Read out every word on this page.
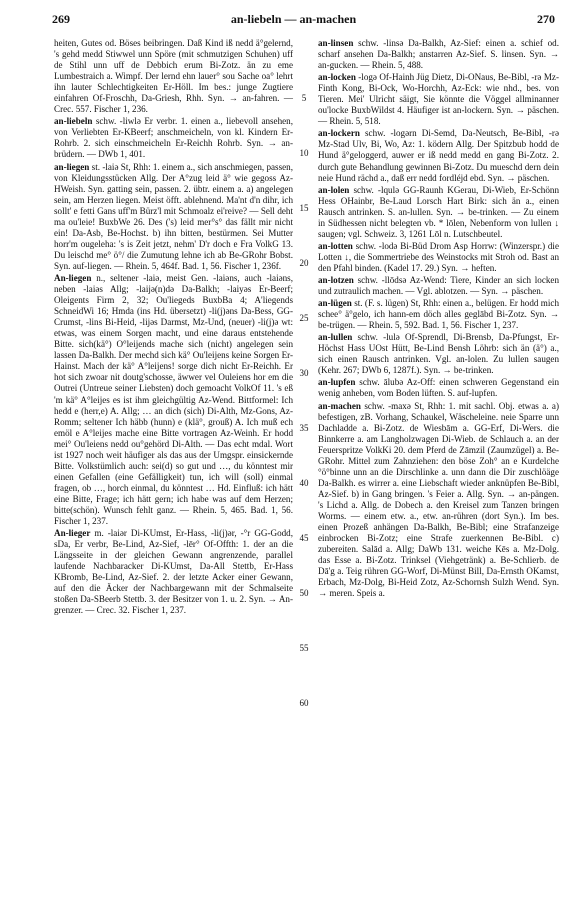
269	an-liebeln — an-machen	270
5
10
15
20
25
30
35
40
45
50
55
60

heiten, Gutes od. Böses beibringen. Daß Kind iß nedd ä°gelernd, 's gehd medd Stiwwel unn Spöre (mit schmutzigen Schuhen) uff de Stihl unn uff de Debbich erum Bi-Zotz. än zu eme Lumbestraich a. Wimpf. Der lernd ehn lauer° sou Sache oa° lehrt ihn lauter Schlechtigkeiten Er-Höll. Im bes.: junge Zugtiere einfahren Of-Froschh, Da-Griesh, Rhh. Syn. → an-fahren. — Crec. 557. Fischer 1, 236.

an-liebeln schw. -liwlə Er verbr. 1. einen a., liebevoll ansehen, von Verliebten Er-KBeerf; anschmeicheln, von kl. Kindern Er-Rohrb. 2. sich einschmeicheln Er-Reichh Rohrb. Syn. → an-brüdern. — DWb 1, 401.

an-liegen st. -laiə St, Rhh: 1. einem a., sich anschmiegen, passen, von Kleidungsstücken Allg. Der A°zug leid ä° wie gegoss Az-HWeish. Syn. gatting sein, passen. 2. übtr. einem a. a) angelegen sein, am Herzen liegen. Meist öfft. ablehnend. Ma'nt d'n dihr, ich sollt' e fetti Gans uff'm Bürz'l mit Schmoalz ei'reive? — Sell deht ma ou'leie! BuxbWe 26. Des ('s) leid mer°s° das fällt mir nicht ein! Da-Asb, Be-Hochst. b) ihn bitten, bestürmen. Sei Mutter horr'm ougeleha: 's is Zeit jetzt, nehm' D'r doch e Fra VolkG 13. Du leischd me° ö°/ die Zumutung lehne ich ab Be-GRohr Bobst. Syn. auf-liegen. — Rhein. 5, 464f. Bad. 1, 56. Fischer 1, 236f.

An-liegen n., seltener -laiə, meist Gen. -laiəns, auch -laiəns, neben -laiəs Allg; -laijə(n)də Da-Balkh; -laiyəs Er-Beerf; Oleigents Firm 2, 32; Ou'liegeds BuxbBa 4; A'liegends SchneidWi 16; Hmda (ins Hd. übersetzt) -li(j)əns Da-Bess, GG-Crumst, -lins Bi-Heid, -lijəs Darmst, Mz-Und, (neuer) -li(j)ə wt: etwas, was einem Sorgen macht, und eine daraus entstehende Bitte. sich(kä°) O°leijends mache sich (nicht) angelegen sein lassen Da-Balkh. Der mechd sich kä° Ou'leijens keine Sorgen Er-Hainst. Mach der kä° A°leijens! sorge dich nicht Er-Reichh. Er hot sich zwoar nit doutg'schosse, äwwer vel Ouleiens hor em die Outrei (Untreue seiner Liebsten) doch gemoacht VolkOf 11. 's eß 'm kä° A°leijes es ist ihm gleichgültig Az-Wend. Bittformel: Ich hedd e (herr,e) A. Allg; … an dich (sich) Di-Alth, Mz-Gons, Az-Romm; seltener Ich häbb (hunn) e (klä°, grouß) A. Ich muß ech emöl e A°leijes mache eine Bitte vortragen Az-Weinh. Er hodd mei° Ou'leiens nedd ou°gehörd Di-Alth. — Das echt mdal. Wort ist 1927 noch weit häufiger als das aus der Umgspr. einsickernde Bitte. Volkstümlich auch: sei(d) so gut und …, du könntest mir einen Gefallen (eine Gefälligkeit) tun, ich will (soll) einmal fragen, ob …, horch einmal, du könntest … Hd. Einfluß: ich hätt eine Bitte, Frage; ich hätt gern; ich habe was auf dem Herzen; bitte(schön). Wunsch fehlt ganz. — Rhein. 5, 465. Bad. 1, 56. Fischer 1, 237.

An-lieger m. -laiər Di-KUmst, Er-Hass, -li(j)ər, -°r GG-Godd, sDa, Er verbr, Be-Lind, Az-Sief, -lēr° Of-Offth: 1. der an die Längsseite in der gleichen Gewann angrenzende, parallel laufende Nachbaracker Di-KUmst, Da-All Stettb, Er-Hass KBromb, Be-Lind, Az-Sief. 2. der letzte Acker einer Gewann, auf den die Äcker der Nachbargewann mit der Schmalseite stoßen Da-SBeerb Stettb. 3. der Besitzer von 1. u. 2. Syn. → An-grenzer. — Crec. 32. Fischer 1, 237.

an-linsen schw. -linsə Da-Balkh, Az-Sief: einen a. schief od. scharf ansehen Da-Balkh; anstarren Az-Sief. S. linsen. Syn. → an-gucken. — Rhein. 5, 488.

an-locken -logə Of-Hainh Jüg Dietz, Di-ONaus, Be-Bibl, -rə Mz-Finth Kong, Bi-Ock, Wo-Horchh, Az-Eck: wie nhd., bes. von Tieren. Mei' Ulricht säigt, Sie könnte die Vöggel allminanner ou'locke BuxbWildst 4. Häufiger ist an-lockern. Syn. → päschen. — Rhein. 5, 518.

an-lockern schw. -logərn Di-Semd, Da-Neutsch, Be-Bibl, -rə Mz-Stad Ulv, Bi, Wo, Az: 1. ködern Allg. Der Spitzbub hodd de Hund ä°geloggerd, auwer er iß nedd medd en gang Bi-Zotz. 2. durch gute Behandlung gewinnen Bi-Zotz. Du mueschd dern dein neie Hund rächd a., daß err nedd fordléjd ebd. Syn. → päschen.

an-lolen schw. -lqulə GG-Raunh KGerau, Di-Wieb, Er-Schönn Hess OHainbr, Be-Laud Lorsch Hart Birk: sich än a., einen Rausch antrinken. S. an-lullen. Syn. → be-trinken. — Zu einem in Südhessen nicht belegten vb. * lōlen, Nebenform von lullen ↓ saugen; vgl. Schweiz. 3, 1261 Lōl n. Lutschbeutel.

an-lotten schw. -lodə Bi-Büd Drom Asp Horrw: (Winzerspr.) die Lotten ↓, die Sommertriebe des Weinstocks mit Stroh od. Bast an den Pfahl binden. (Kadel 17. 29.) Syn. → heften.

an-lotzen schw. -llōdsə Az-Wend: Tiere, Kinder an sich locken und zutraulich machen. — Vgl. ablotzen. — Syn. → päschen.

an-lügen st. (F. s. lügen) St, Rhh: einen a., belügen. Er hodd mich schee° ä°gelo, ich hann-em döch alles geglābd Bi-Zotz. Syn. → be-trügen. — Rhein. 5, 592. Bad. 1, 56. Fischer 1, 237.

an-lullen schw. -lulə Of-Sprendl, Di-Brensb, Da-Pfungst, Er-Höchst Hass UOst Hütt, Be-Lind Bensh Löhrb: sich än (ä°) a., sich einen Rausch antrinken. Vgl. an-lolen. Zu lullen saugen (Kehr. 267; DWb 6, 1287f.). Syn. → be-trinken.

an-lupfen schw. ālubə Az-Off: einen schweren Gegenstand ein wenig anheben, vom Boden lüften. S. auf-lupfen.

an-machen schw. -maxə St, Rhh: 1. mit sachl. Obj. etwas a. a) befestigen, zB. Vorhang, Schaukel, Wäscheleine. neie Sparre unn Dachladde a. Bi-Zotz. de Wiesbām a. GG-Erf, Di-Wers. die Binnkerre a. am Langholzwagen Di-Wieb. de Schlauch a. an der Feuerspritze VolkKi 20. dem Pferd de Zāmzil (Zaumzügel) a. Be-GRohr. Mittel zum Zahnziehen: den böse Zoh° an e Kurdelche °ö°binne unn an die Dirschlinke a. unn dann die Dir zuschlöäge Da-Balkh. es wirrer a. eine Liebschaft wieder anknüpfen Be-Bibl, Az-Sief. b) in Gang bringen. 's Feier a. Allg. Syn. → an-pängen. 's Lichd a. Allg. de Dobech a. den Kreisel zum Tanzen bringen Worms. — einem etw. a., etw. an-rühren (dort Syn.). Im bes. einen Prozeß anhängen Da-Balkh, Be-Bibl; eine Strafanzeige einbrocken Bi-Zotz; eine Strafe zuerkennen Be-Bibl. c) zubereiten. Salād a. Allg; DaWb 131. weiche Kēs a. Mz-Dolg. das Esse a. Bi-Zotz. Trinksel (Viehgetränk) a. Be-Schlierb. de Dā'g a. Teig rühren GG-Worf, Di-Münst Bill, Da-Ernsth OKamst, Erbach, Mz-Dolg, Bi-Heid Zotz, Az-Schornsh Sulzh Wend. Syn. → meren. Speis a.
